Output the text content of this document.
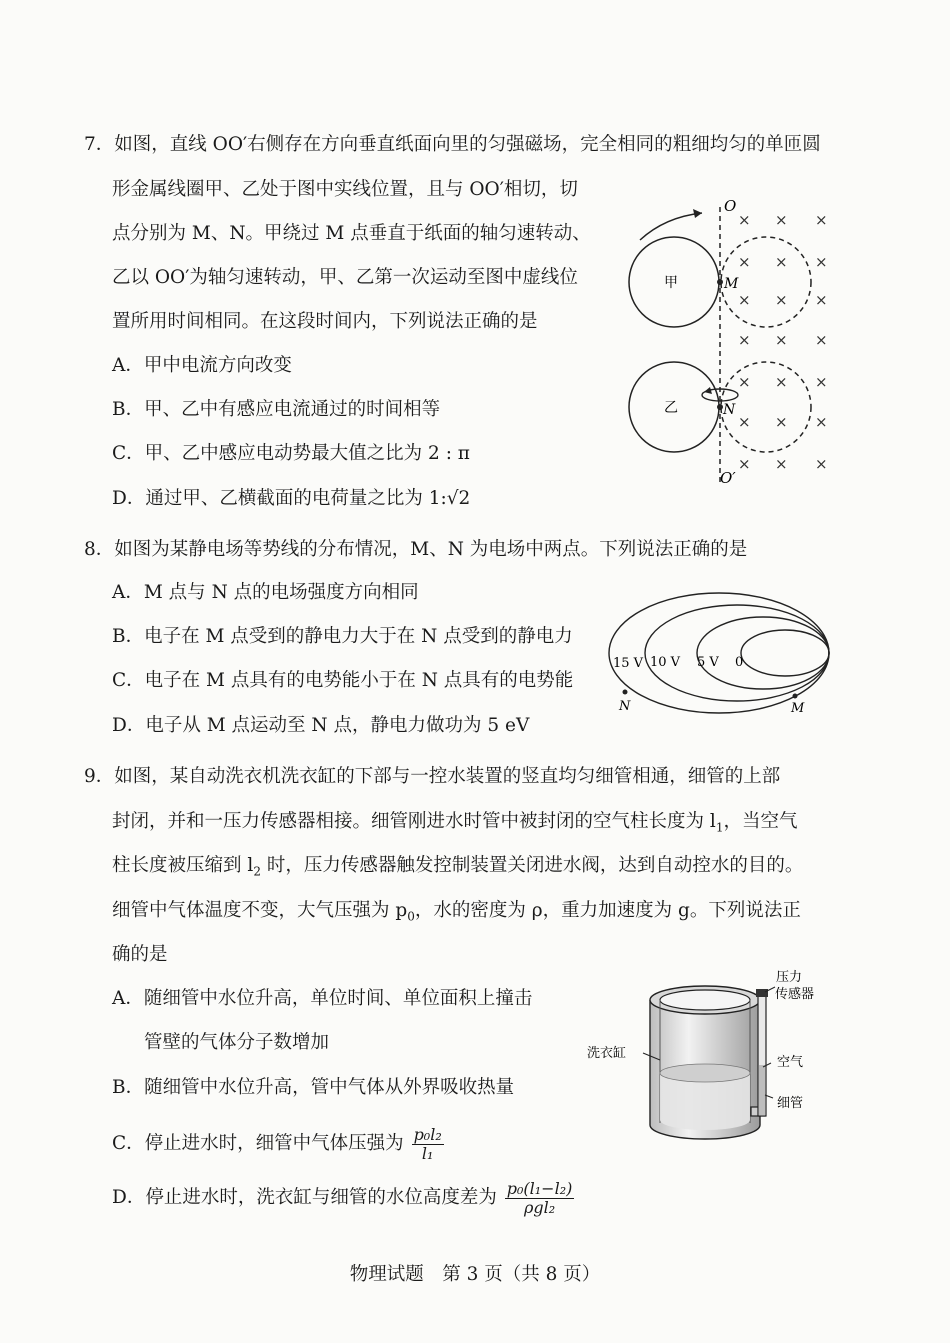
7．如图，直线 OO′右侧存在方向垂直纸面向里的匀强磁场，完全相同的粗细均匀的单匝圆
形金属线圈甲、乙处于图中实线位置，且与 OO′相切，切
点分别为 M、N。甲绕过 M 点垂直于纸面的轴匀速转动、
乙以 OO′为轴匀速转动，甲、乙第一次运动至图中虚线位
置所用时间相同。在这段时间内，下列说法正确的是
A．甲中电流方向改变
B．甲、乙中有感应电流通过的时间相等
C．甲、乙中感应电动势最大值之比为 2 : π
D．通过甲、乙横截面的电荷量之比为 1:√2
O
O′
× × ×
× × ×
× × ×
× × ×
× × ×
× × ×
× × ×
M
甲
N
乙
8．如图为某静电场等势线的分布情况，M、N 为电场中两点。下列说法正确的是
A．M 点与 N 点的电场强度方向相同
B．电子在 M 点受到的静电力大于在 N 点受到的静电力
C．电子在 M 点具有的电势能小于在 N 点具有的电势能
D．电子从 M 点运动至 N 点，静电力做功为 5 eV
15 V 10 V 5 V 0
N	M
9．如图，某自动洗衣机洗衣缸的下部与一控水装置的竖直均匀细管相通，细管的上部
封闭，并和一压力传感器相接。细管刚进水时管中被封闭的空气柱长度为 $l_1$，当空气
柱长度被压缩到 $l_2$ 时，压力传感器触发控制装置关闭进水阀，达到自动控水的目的。
细管中气体温度不变，大气压强为 $p_0$，水的密度为 ρ，重力加速度为 g。下列说法正
确的是
A．随细管中水位升高，单位时间、单位面积上撞击
管壁的气体分子数增加
B．随细管中水位升高，管中气体从外界吸收热量
C．停止进水时，细管中气体压强为 $\frac{\text{p₀l₂}}{\text{l₁}}$
D．停止进水时，洗衣缸与细管的水位高度差为 $\frac{\text{p₀(l₁−l₂)}}{\text{ρgl₂}}$
压力
传感器
洗衣缸
空气
细管
物理试题　第 3 页（共 8 页）
